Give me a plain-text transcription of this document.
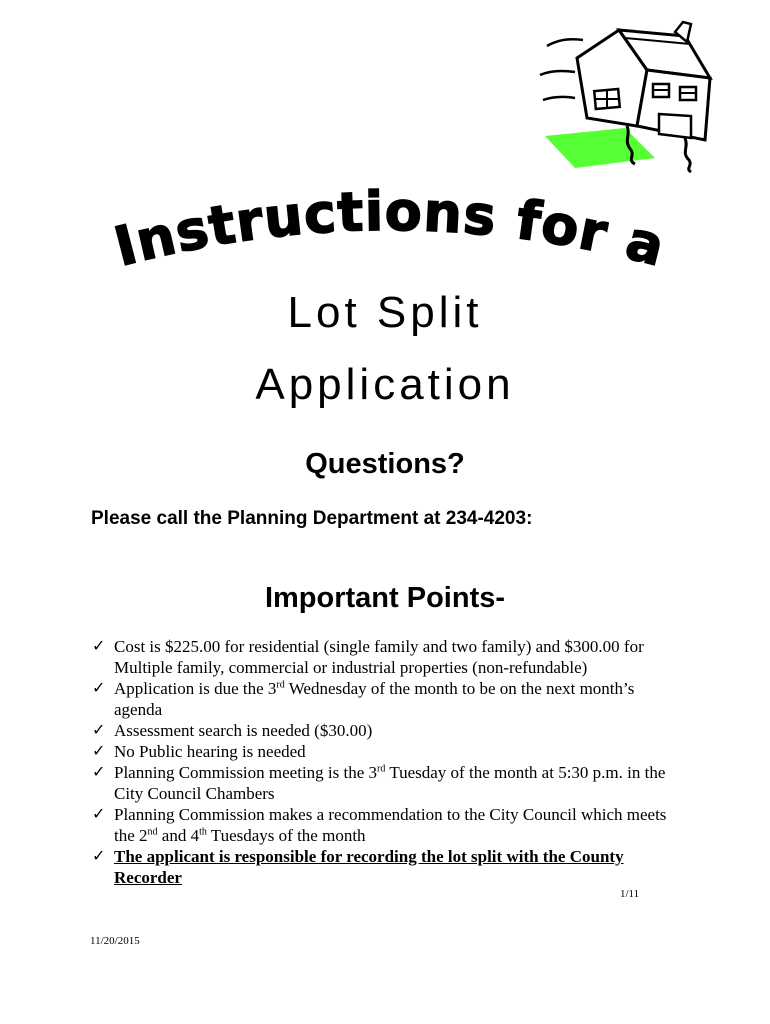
Instructions for a
Lot Split
Application
Questions?
Please call the Planning Department at 234-4203:
Important Points-
✓ Cost is $225.00 for residential (single family and two family) and $300.00 for Multiple family, commercial or industrial properties (non-refundable)
✓ Application is due the 3rd Wednesday of the month to be on the next month’s agenda
✓ Assessment search is needed ($30.00)
✓ No Public hearing is needed
✓ Planning Commission meeting is the 3rd Tuesday of the month at 5:30 p.m. in the City Council Chambers
✓ Planning Commission makes a recommendation to the City Council which meets the 2nd and 4th Tuesdays of the month
✓ The applicant is responsible for recording the lot split with the County Recorder
1/11
11/20/2015
